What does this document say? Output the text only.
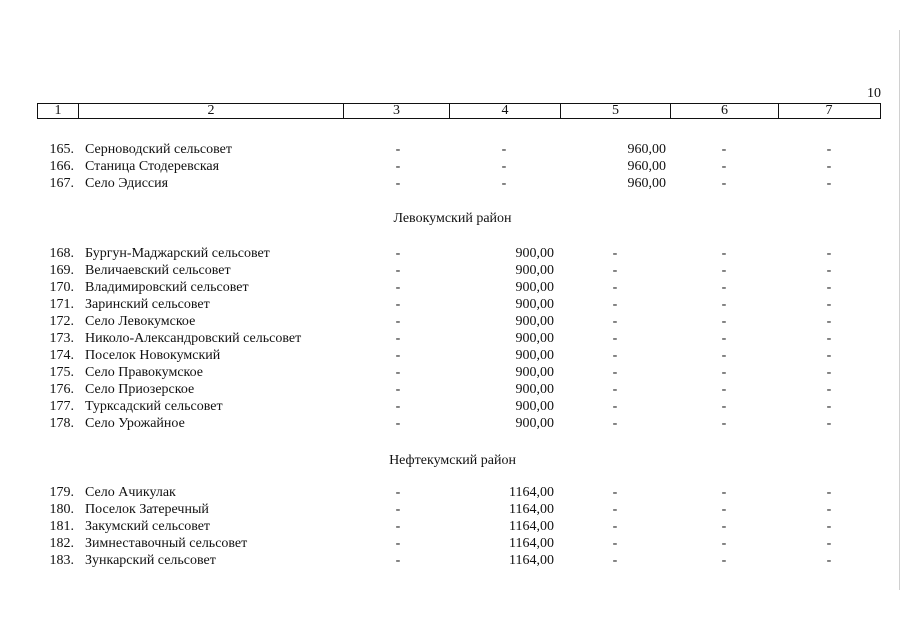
10
1	2	3	4	5	6	7
165. Серноводский сельсовет	-	-	960,00	-	-
166. Станица Стодеревская	-	-	960,00	-	-
167. Село Эдиссия	-	-	960,00	-	-
Левокумский район
168. Бургун-Маджарский сельсовет	-	900,00	-	-	-
169. Величаевский сельсовет	-	900,00	-	-	-
170. Владимировский сельсовет	-	900,00	-	-	-
171. Заринский сельсовет	-	900,00	-	-	-
172. Село Левокумское	-	900,00	-	-	-
173. Николо-Александровский сельсовет	-	900,00	-	-	-
174. Поселок Новокумский	-	900,00	-	-	-
175. Село Правокумское	-	900,00	-	-	-
176. Село Приозерское	-	900,00	-	-	-
177. Турксадский сельсовет	-	900,00	-	-	-
178. Село Урожайное	-	900,00	-	-	-
Нефтекумский район
179. Село Ачикулак	-	1164,00	-	-	-
180. Поселок Затеречный	-	1164,00	-	-	-
181. Закумский сельсовет	-	1164,00	-	-	-
182. Зимнеставочный сельсовет	-	1164,00	-	-	-
183. Зункарский сельсовет	-	1164,00	-	-	-
